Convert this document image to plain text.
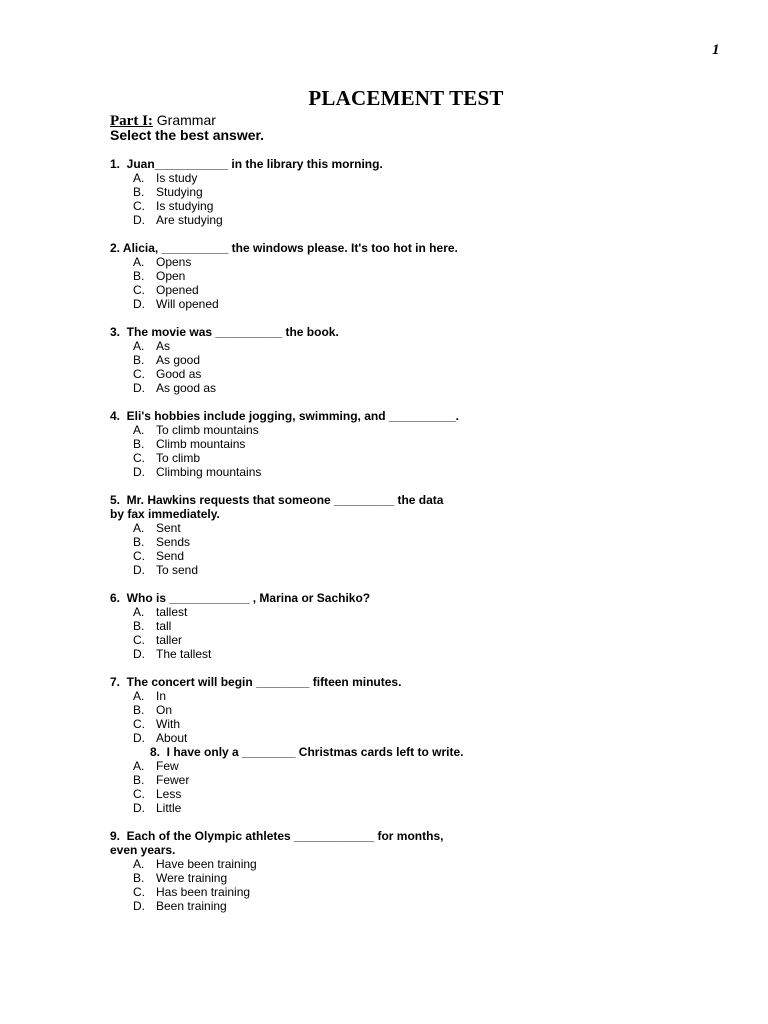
1
PLACEMENT TEST
Part I: Grammar
Select the best answer.
1.  Juan___________ in the library this morning.
A. Is study
B. Studying
C. Is studying
D. Are studying
2. Alicia, __________ the windows please. It's too hot in here.
A. Opens
B. Open
C. Opened
D. Will opened
3.  The movie was __________ the book.
A. As
B. As good
C. Good as
D. As good as
4.  Eli's hobbies include jogging, swimming, and __________.
A. To climb mountains
B. Climb mountains
C. To climb
D. Climbing mountains
5.  Mr. Hawkins requests that someone _________ the data
by fax immediately.
A. Sent
B. Sends
C. Send
D. To send
6.  Who is ____________ , Marina or Sachiko?
A. tallest
B. tall
C. taller
D. The tallest
7.  The concert will begin ________ fifteen minutes.
A. In
B. On
C. With
D. About
8.  I have only a ________ Christmas cards left to write.
A. Few
B. Fewer
C. Less
D. Little
9.  Each of the Olympic athletes ____________ for months,
even years.
A. Have been training
B. Were training
C. Has been training
D. Been training
